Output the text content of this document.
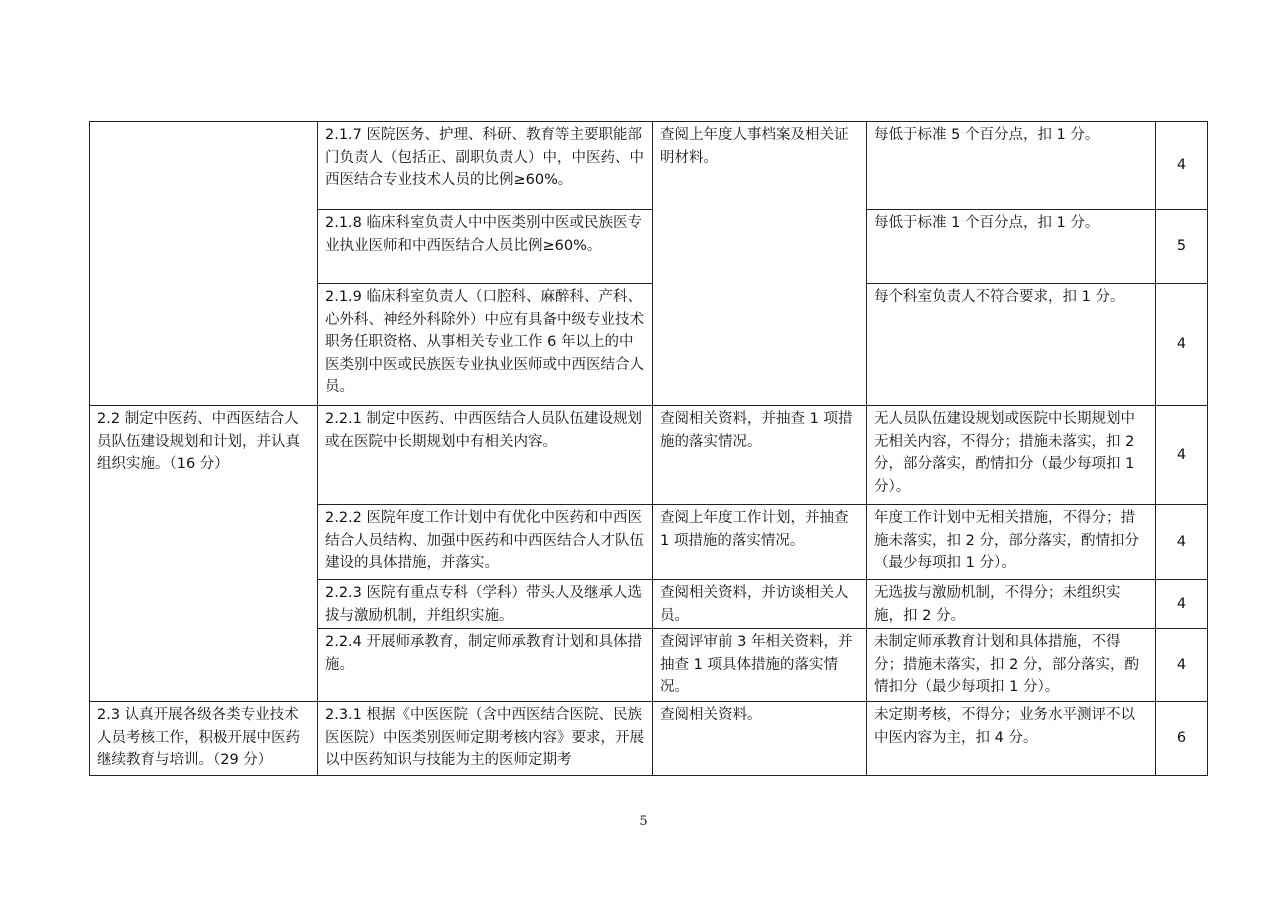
	2.1.7 医院医务、护理、科研、教育等主要职能部门负责人（包括正、副职负责人）中，中医药、中西医结合专业技术人员的比例≥60%。	查阅上年度人事档案及相关证明材料。	每低于标准 5 个百分点，扣 1 分。	4
	2.1.8 临床科室负责人中中医类别中医或民族医专业执业医师和中西医结合人员比例≥60%。		每低于标准 1 个百分点，扣 1 分。	5
	2.1.9 临床科室负责人（口腔科、麻醉科、产科、心外科、神经外科除外）中应有具备中级专业技术职务任职资格、从事相关专业工作 6 年以上的中医类别中医或民族医专业执业医师或中西医结合人员。		每个科室负责人不符合要求，扣 1 分。	4
2.2 制定中医药、中西医结合人员队伍建设规划和计划，并认真组织实施。（16 分）	2.2.1 制定中医药、中西医结合人员队伍建设规划或在医院中长期规划中有相关内容。	查阅相关资料，并抽查 1 项措施的落实情况。	无人员队伍建设规划或医院中长期规划中无相关内容，不得分；措施未落实，扣 2 分，部分落实，酌情扣分（最少每项扣 1 分）。	4
	2.2.2 医院年度工作计划中有优化中医药和中西医结合人员结构、加强中医药和中西医结合人才队伍建设的具体措施，并落实。	查阅上年度工作计划，并抽查 1 项措施的落实情况。	年度工作计划中无相关措施，不得分；措施未落实，扣 2 分，部分落实，酌情扣分（最少每项扣 1 分）。	4
	2.2.3 医院有重点专科（学科）带头人及继承人选拔与激励机制，并组织实施。	查阅相关资料，并访谈相关人员。	无选拔与激励机制，不得分；未组织实施，扣 2 分。	4
	2.2.4 开展师承教育，制定师承教育计划和具体措施。	查阅评审前 3 年相关资料，并抽查 1 项具体措施的落实情况。	未制定师承教育计划和具体措施，不得分；措施未落实，扣 2 分，部分落实，酌情扣分（最少每项扣 1 分）。	4
2.3 认真开展各级各类专业技术人员考核工作，积极开展中医药继续教育与培训。（29 分）	2.3.1 根据《中医医院（含中西医结合医院、民族医医院）中医类别医师定期考核内容》要求，开展以中医药知识与技能为主的医师定期考	查阅相关资料。	未定期考核，不得分；业务水平测评不以中医内容为主，扣 4 分。	6
5
